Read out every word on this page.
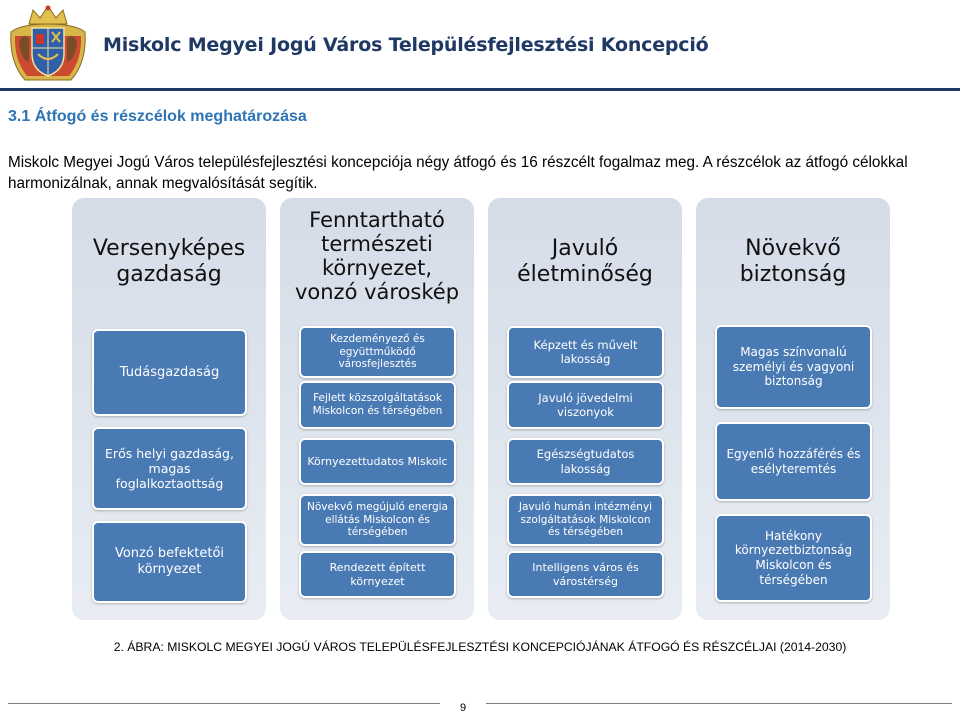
Miskolc Megyei Jogú Város Településfejlesztési Koncepció
3.1 Átfogó és részcélok meghatározása
Miskolc Megyei Jogú Város településfejlesztési koncepciója négy átfogó és 16 részcélt fogalmaz meg. A részcélok az átfogó célokkal harmonizálnak, annak megvalósítását segítik.
Versenyképes gazdaság
Tudásgazdaság
Erős helyi gazdaság, magas foglalkoztaottság
Vonzó befektetői környezet
Fenntartható természeti környezet, vonzó városkép
Kezdeményező és együttműködő városfejlesztés
Fejlett közszolgáltatások Miskolcon és térségében
Környezettudatos Miskolc
Növekvő megújuló energia ellátás Miskolcon és térségében
Rendezett épített környezet
Javuló életminőség
Képzett és művelt lakosság
Javuló jövedelmi viszonyok
Egészségtudatos lakosság
Javuló humán intézményi szolgáltatások Miskolcon és térségében
Intelligens város és várostérség
Növekvő biztonság
Magas színvonalú személyi és vagyoni biztonság
Egyenlő hozzáférés és esélyteremtés
Hatékony környezetbiztonság Miskolcon és térségében
2. ÁBRA: MISKOLC MEGYEI JOGÚ VÁROS TELEPÜLÉSFEJLESZTÉSI KONCEPCIÓJÁNAK ÁTFOGÓ ÉS RÉSZCÉLJAI (2014-2030)
9
